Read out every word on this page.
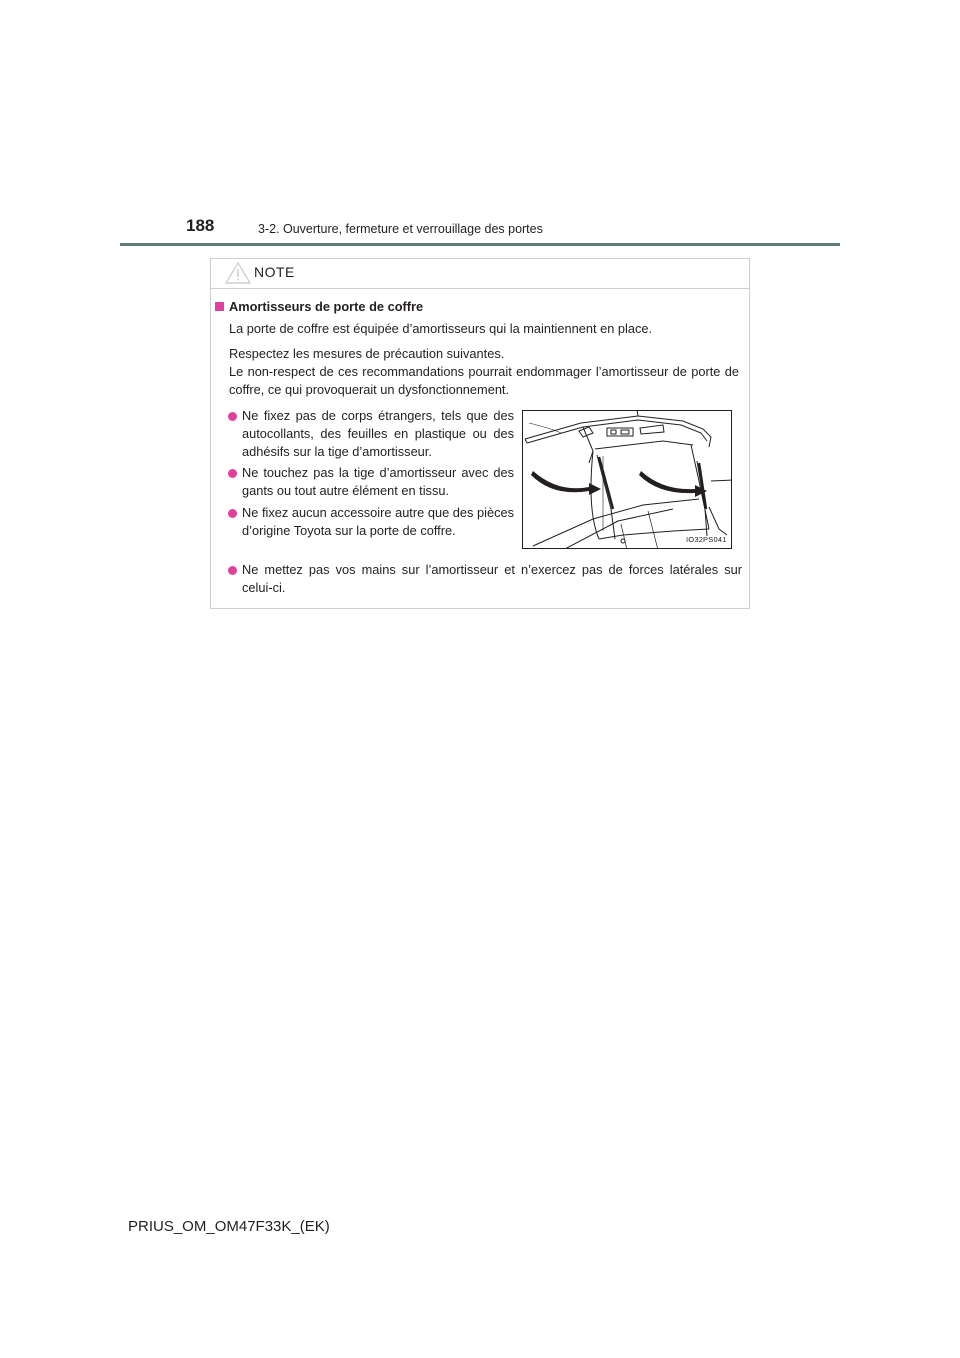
188	3-2. Ouverture, fermeture et verrouillage des portes
NOTE
Amortisseurs de porte de coffre
La porte de coffre est équipée d’amortisseurs qui la maintiennent en place.
Respectez les mesures de précaution suivantes.
Le non-respect de ces recommandations pourrait endommager l’amortisseur de porte de coffre, ce qui provoquerait un dysfonctionnement.
Ne fixez pas de corps étrangers, tels que des autocollants, des feuilles en plastique ou des adhésifs sur la tige d’amortisseur.
Ne touchez pas la tige d’amortisseur avec des gants ou tout autre élément en tissu.
Ne fixez aucun accessoire autre que des pièces d’origine Toyota sur la porte de coffre.
IO32PS041
Ne mettez pas vos mains sur l’amortisseur et n’exercez pas de forces latérales sur celui-ci.
PRIUS_OM_OM47F33K_(EK)
